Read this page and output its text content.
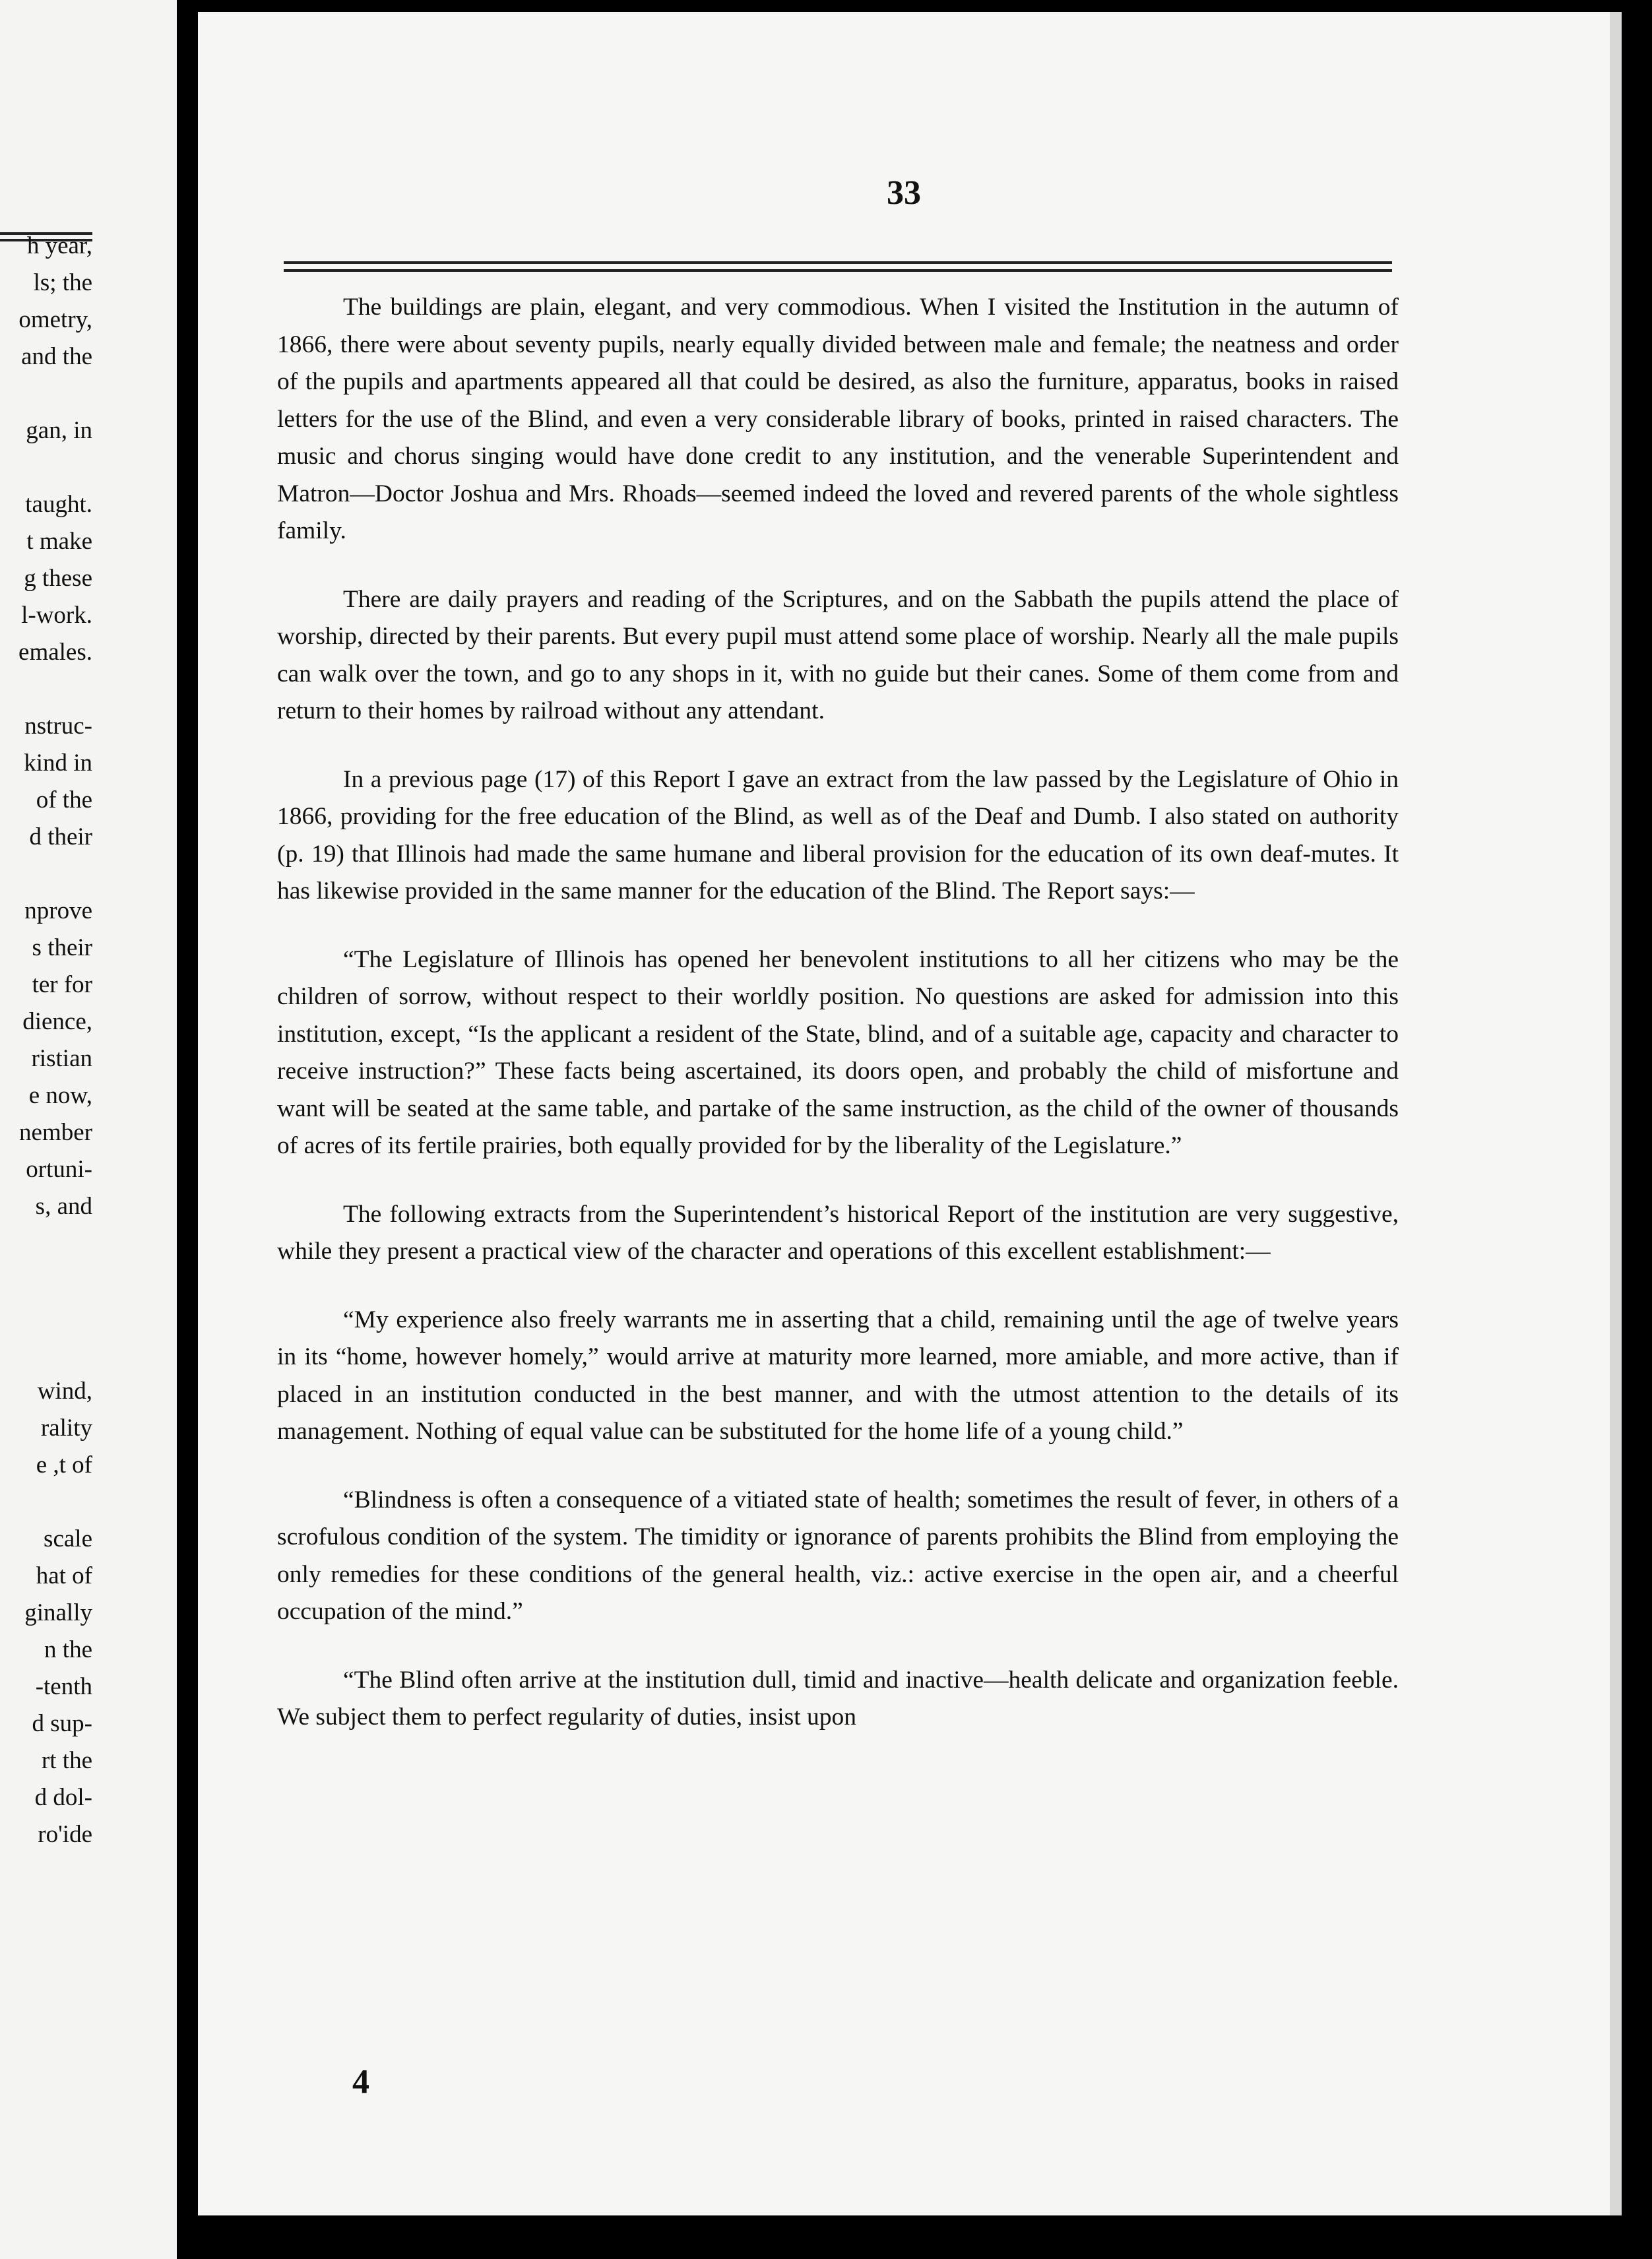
h year,
ls; the
ometry,
and the

gan, in

taught.
t make
g these
l-work.
emales.

nstruc-
kind in
of the
d their

nprove
s their
ter for
dience,
ristian
e now,
nember
ortuni-
s, and

wind,
rality
e ,t of

scale
hat of
ginally
n the
-tenth
d sup-
rt the
d dol-
ro'ide
33

The buildings are plain, elegant, and very commodious. When I visited the Institution in the autumn of 1866, there were about seventy pupils, nearly equally divided between male and female; the neatness and order of the pupils and apartments appeared all that could be desired, as also the furniture, apparatus, books in raised letters for the use of the Blind, and even a very considerable library of books, printed in raised characters. The music and chorus singing would have done credit to any institution, and the venerable Superintendent and Matron—Doctor Joshua and Mrs. Rhoads—seemed indeed the loved and revered parents of the whole sightless family.

There are daily prayers and reading of the Scriptures, and on the Sabbath the pupils attend the place of worship, directed by their parents. But every pupil must attend some place of worship. Nearly all the male pupils can walk over the town, and go to any shops in it, with no guide but their canes. Some of them come from and return to their homes by railroad without any attendant.

In a previous page (17) of this Report I gave an extract from the law passed by the Legislature of Ohio in 1866, providing for the free education of the Blind, as well as of the Deaf and Dumb. I also stated on authority (p. 19) that Illinois had made the same humane and liberal provision for the education of its own deaf-mutes. It has likewise provided in the same manner for the education of the Blind. The Report says:—

“The Legislature of Illinois has opened her benevolent institutions to all her citizens who may be the children of sorrow, without respect to their worldly position. No questions are asked for admission into this institution, except, “Is the applicant a resident of the State, blind, and of a suitable age, capacity and character to receive instruction?” These facts being ascertained, its doors open, and probably the child of misfortune and want will be seated at the same table, and partake of the same instruction, as the child of the owner of thousands of acres of its fertile prairies, both equally provided for by the liberality of the Legislature.”

The following extracts from the Superintendent’s historical Report of the institution are very suggestive, while they present a practical view of the character and operations of this excellent establishment:—

“My experience also freely warrants me in asserting that a child, remaining until the age of twelve years in its “home, however homely,” would arrive at maturity more learned, more amiable, and more active, than if placed in an institution conducted in the best manner, and with the utmost attention to the details of its management. Nothing of equal value can be substituted for the home life of a young child.”

“Blindness is often a consequence of a vitiated state of health; sometimes the result of fever, in others of a scrofulous condition of the system. The timidity or ignorance of parents prohibits the Blind from employing the only remedies for these conditions of the general health, viz.: active exercise in the open air, and a cheerful occupation of the mind.”

“The Blind often arrive at the institution dull, timid and inactive—health delicate and organization feeble. We subject them to perfect regularity of duties, insist upon

4
